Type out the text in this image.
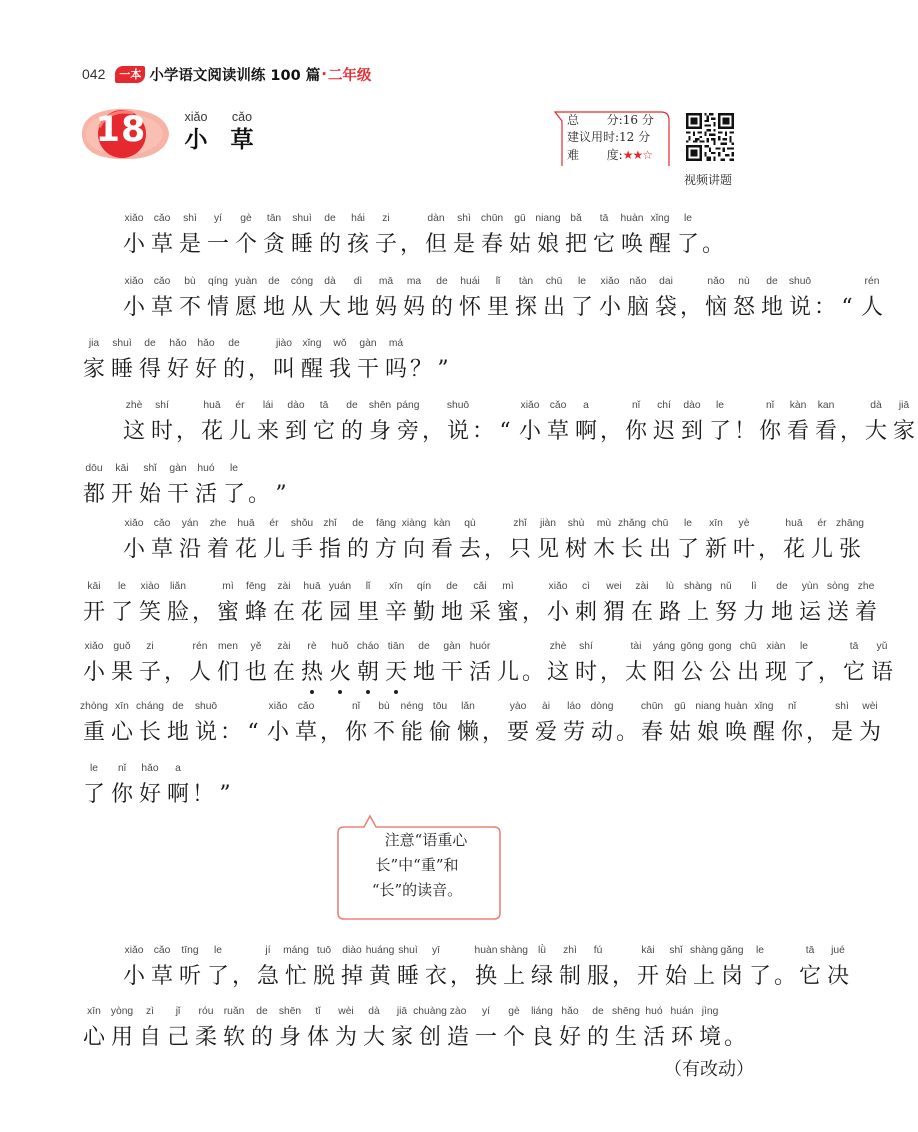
042	一本 小学语文阅读训练 100 篇 · 二年级
18	xiǎo
小
cǎo
草
总 分:16 分
建议用时:12 分
难 度:★★☆
视频讲题
xiǎo
小
cǎo
草
shì
是
yí
一
gè
个
tān
贪
shuì
睡
de
的
hái
孩
zi
子 ，
dàn
但
shì
是
chūn
春
gū
姑
niang
娘
bǎ
把
tā
它
huàn
唤
xǐng
醒
le
了 。
xiǎo
小
cǎo
草
bù
不
qíng
情
yuàn
愿
de
地
cóng
从
dà
大
dì
地
mā
妈
ma
妈
de
的
huái
怀
lǐ
里
tàn
探
chū
出
le
了
xiǎo
小
nǎo
脑
dai
袋 ，
nǎo
恼
nù
怒
de
地
shuō
说 ： “
rén
人
jia
家
shuì
睡
de
得
hǎo
好
hǎo
好
de
的 ，
jiào
叫
xǐng
醒
wǒ
我
gàn
干
má
吗 ？ ”
zhè
这
shí
时 ，
huā
花
ér
儿
lái
来
dào
到
tā
它
de
的
shēn
身
páng
旁 ，
shuō
说 ： “
xiǎo
小
cǎo
草
a
啊 ，
nǐ
你
chí
迟
dào
到
le
了 ！
nǐ
你
kàn
看
kan
看 ，
dà
大
jiā
家
dōu
都
kāi
开
shǐ
始
gàn
干
huó
活
le
了 。 ”
xiǎo
小
cǎo
草
yán
沿
zhe
着
huā
花
ér
儿
shǒu
手
zhǐ
指
de
的
fāng
方
xiàng
向
kàn
看
qù
去 ，
zhǐ
只
jiàn
见
shù
树
mù
木
zhǎng
长
chū
出
le
了
xīn
新
yè
叶 ，
huā
花
ér
儿
zhāng
张
kāi
开
le
了
xiào
笑
liǎn
脸 ，
mì
蜜
fēng
蜂
zài
在
huā
花
yuán
园
lǐ
里
xīn
辛
qín
勤
de
地
cǎi
采
mì
蜜 ，
xiǎo
小
cì
刺
wei
猬
zài
在
lù
路
shàng
上
nǔ
努
lì
力
de
地
yùn
运
sòng
送
zhe
着
xiǎo
小
guǒ
果
zi
子 ，
rén
人
men
们
yě
也
zài
在
rè
热
huǒ
火
cháo
朝
tiān
天
de
地
gàn
干
huór
活 儿 。
zhè
这
shí
时 ，
tài
太
yáng
阳
gōng
公
gong
公
chū
出
xiàn
现
le
了 ，
tā
它
yǔ
语
zhòng
重
xīn
心
cháng
长
de
地
shuō
说 ： “
xiǎo
小
cǎo
草 ，
nǐ
你
bù
不
néng
能
tōu
偷
lǎn
懒 ，
yào
要
ài
爱
láo
劳
dòng
动 。
chūn
春
gū
姑
niang
娘
huàn
唤
xǐng
醒
nǐ
你 ，
shì
是
wèi
为
le
了
nǐ
你
hǎo
好
a
啊 ！ ”
xiǎo
小
cǎo
草
tīng
听
le
了 ，
jí
急
máng
忙
tuō
脱
diào
掉
huáng
黄
shuì
睡
yī
衣 ，
huàn
换
shàng
上
lǜ
绿
zhì
制
fú
服 ，
kāi
开
shǐ
始
shàng
上
gǎng
岗
le
了 。
tā
它
jué
决
xīn
心
yòng
用
zì
自
jǐ
己
róu
柔
ruǎn
软
de
的
shēn
身
tǐ
体
wèi
为
dà
大
jiā
家
chuàng
创
zào
造
yí
一
gè
个
liáng
良
hǎo
好
de
的
shēng
生
huó
活
huán
环
jìng
境 。
注意“语重心
长”中“重”和
“长”的读音。
（有改动）
